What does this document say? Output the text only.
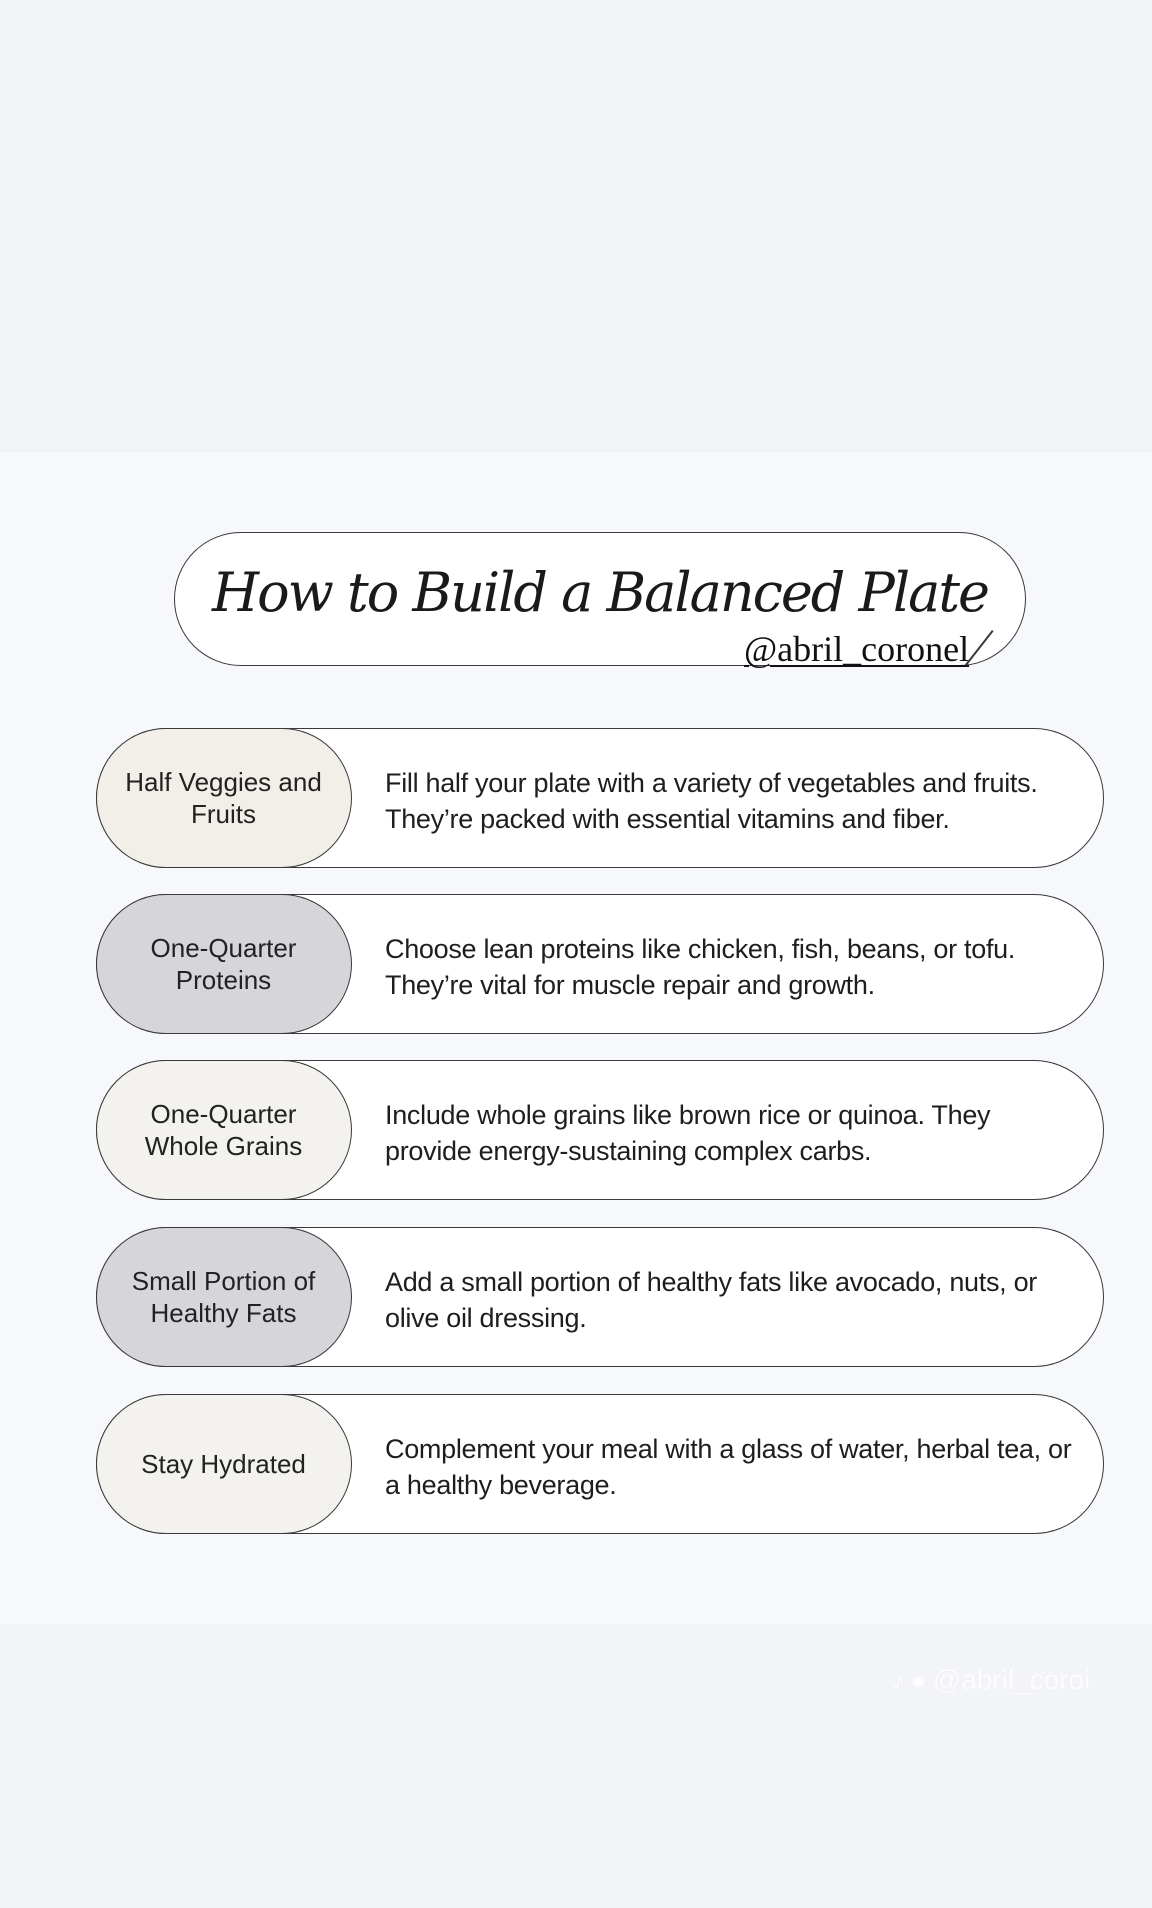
How to Build a Balanced Plate
@abril_coronel
Half Veggies and Fruits
Fill half your plate with a variety of vegetables and fruits. They’re packed with essential vitamins and fiber.
One-Quarter Proteins
Choose lean proteins like chicken, fish, beans, or tofu. They’re vital for muscle repair and growth.
One-Quarter Whole Grains
Include whole grains like brown rice or quinoa. They provide energy-sustaining complex carbs.
Small Portion of Healthy Fats
Add a small portion of healthy fats like avocado, nuts, or olive oil dressing.
Stay Hydrated	Complement your meal with a glass of water, herbal tea, or a healthy beverage.
♪ ● @abril_coroi
